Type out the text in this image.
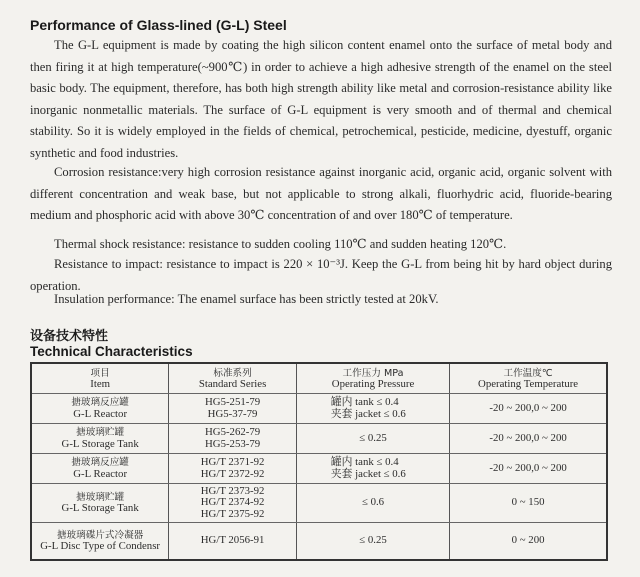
Performance of Glass-lined (G-L) Steel

The G-L equipment is made by coating the high silicon content enamel onto the surface of metal body and then firing it at high temperature(~900℃) in order to achieve a high adhesive strength of the enamel on the steel basic body. The equipment, therefore, has both high strength ability like metal and corrosion-resistance ability like inorganic nonmetallic materials. The surface of G-L equipment is very smooth and of thermal and chemical stability. So it is widely employed in the fields of chemical, petrochemical, pesticide, medicine, dyestuff, organic synthetic and food industries.

Corrosion resistance:very high corrosion resistance against inorganic acid, organic acid, organic solvent with different concentration and weak base, but not applicable to strong alkali, fluorhydric acid, fluoride-bearing medium and phosphoric acid with above 30℃ concentration of and over 180℃ of temperature.

Thermal shock resistance: resistance to sudden cooling 110℃ and sudden heating 120℃.

Resistance to impact: resistance to impact is 220 × 10⁻³J. Keep the G-L from being hit by hard object during operation.

Insulation performance: The enamel surface has been strictly tested at 20kV.

设备技术特性
Technical Characteristics
项目
Item	标准系列
Standard Series	工作压力 MPa
Operating Pressure	工作温度℃
Operating Temperature

搪玻璃反应罐
G-L Reactor	HG5-251-79
HG5-37-79	罐内 tank ≤ 0.4
夹套 jacket ≤ 0.6	-20 ~ 200,0 ~ 200

搪玻璃贮罐
G-L Storage Tank	HG5-262-79
HG5-253-79	≤ 0.25	-20 ~ 200,0 ~ 200

搪玻璃反应罐
G-L Reactor	HG/T 2371-92
HG/T 2372-92	罐内 tank ≤ 0.4
夹套 jacket ≤ 0.6	-20 ~ 200,0 ~ 200

搪玻璃贮罐
G-L Storage Tank	HG/T 2373-92
HG/T 2374-92
HG/T 2375-92	≤ 0.6	0 ~ 150

搪玻璃碟片式冷凝器
G-L Disc Type of Condensr	HG/T 2056-91	≤ 0.25	0 ~ 200
